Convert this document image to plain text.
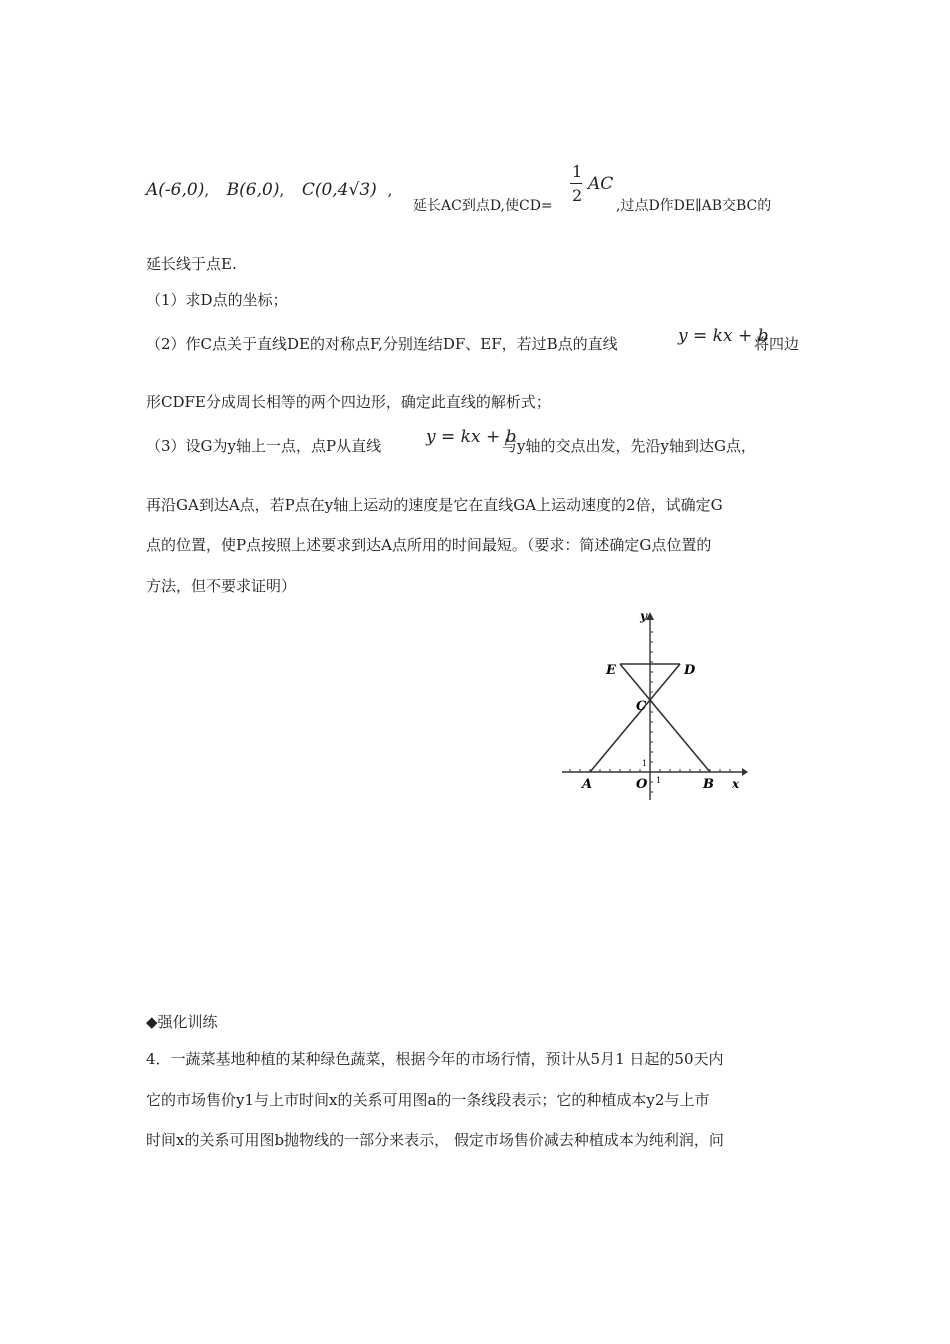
A(-6,0), B(6,0), C(0,4√3) ,
延长AC到点D,使CD=
1
2
AC
,过点D作DE∥AB交BC的
延长线于点E.
（1）求D点的坐标；
（2）作C点关于直线DE的对称点F,分别连结DF、EF，若过B点的直线	y = kx + b
将四边
形CDFE分成周长相等的两个四边形，确定此直线的解析式；
（3）设G为y轴上一点，点P从直线	y = kx + b
与y轴的交点出发，先沿y轴到达G点，
再沿GA到达A点，若P点在y轴上运动的速度是它在直线GA上运动速度的2倍，试确定G
点的位置，使P点按照上述要求到达A点所用的时间最短。（要求：简述确定G点位置的
方法，但不要求证明）
y
x
E	D
C
A	O	B
1
1
◆强化训练
4．一蔬菜基地种植的某种绿色蔬菜，根据今年的市场行情，预计从5月1 日起的50天内
它的市场售价y1与上市时间x的关系可用图a的一条线段表示；它的种植成本y2与上市
时间x的关系可用图b抛物线的一部分来表示， 假定市场售价减去种植成本为纯利润，问
